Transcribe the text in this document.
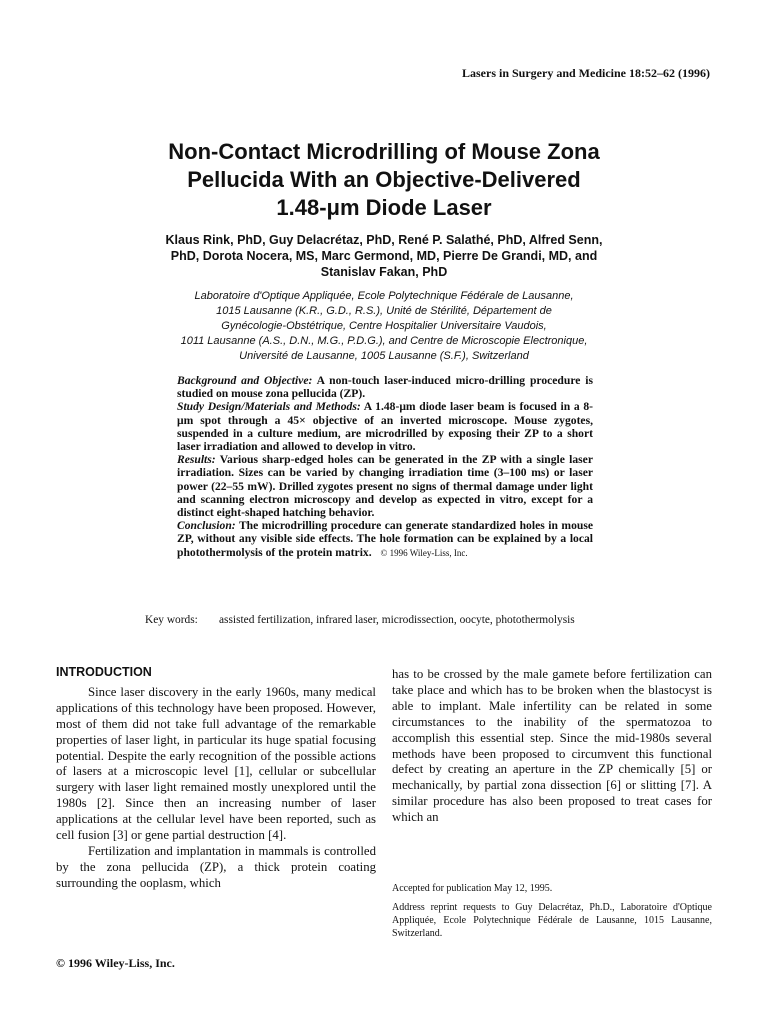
Lasers in Surgery and Medicine 18:52–62 (1996)
Non-Contact Microdrilling of Mouse Zona
Pellucida With an Objective-Delivered
1.48-μm Diode Laser
Klaus Rink, PhD, Guy Delacrétaz, PhD, René P. Salathé, PhD, Alfred Senn,
PhD, Dorota Nocera, MS, Marc Germond, MD, Pierre De Grandi, MD, and
Stanislav Fakan, PhD
Laboratoire d'Optique Appliquée, Ecole Polytechnique Fédérale de Lausanne,
1015 Lausanne (K.R., G.D., R.S.), Unité de Stérilité, Département de
Gynécologie-Obstétrique, Centre Hospitalier Universitaire Vaudois,
1011 Lausanne (A.S., D.N., M.G., P.D.G.), and Centre de Microscopie Electronique,
Université de Lausanne, 1005 Lausanne (S.F.), Switzerland

Background and Objective: A non-touch laser-induced micro-drilling procedure is studied on mouse zona pellucida (ZP).

Study Design/Materials and Methods: A 1.48-μm diode laser beam is focused in a 8-μm spot through a 45× objective of an inverted microscope. Mouse zygotes, suspended in a culture medium, are microdrilled by exposing their ZP to a short laser irradiation and allowed to develop in vitro.

Results: Various sharp-edged holes can be generated in the ZP with a single laser irradiation. Sizes can be varied by changing irradiation time (3–100 ms) or laser power (22–55 mW). Drilled zygotes present no signs of thermal damage under light and scanning electron microscopy and develop as expected in vitro, except for a distinct eight-shaped hatching behavior.

Conclusion: The microdrilling procedure can generate standardized holes in mouse ZP, without any visible side effects. The hole formation can be explained by a local photothermolysis of the protein matrix. © 1996 Wiley-Liss, Inc.

Key words:	assisted fertilization, infrared laser, microdissection, oocyte, photothermolysis
INTRODUCTION

Since laser discovery in the early 1960s, many medical applications of this technology have been proposed. However, most of them did not take full advantage of the remarkable properties of laser light, in particular its huge spatial focusing potential. Despite the early recognition of the possible actions of lasers at a microscopic level [1], cellular or subcellular surgery with laser light remained mostly unexplored until the 1980s [2]. Since then an increasing number of laser applications at the cellular level have been reported, such as cell fusion [3] or gene partial destruction [4].

Fertilization and implantation in mammals is controlled by the zona pellucida (ZP), a thick protein coating surrounding the ooplasm, which

has to be crossed by the male gamete before fertilization can take place and which has to be broken when the blastocyst is able to implant. Male infertility can be related in some circumstances to the inability of the spermatozoa to accomplish this essential step. Since the mid-1980s several methods have been proposed to circumvent this functional defect by creating an aperture in the ZP chemically [5] or mechanically, by partial zona dissection [6] or slitting [7]. A similar procedure has also been proposed to treat cases for which an

Accepted for publication May 12, 1995.

Address reprint requests to Guy Delacrétaz, Ph.D., Laboratoire d'Optique Appliquée, Ecole Polytechnique Fédérale de Lausanne, 1015 Lausanne, Switzerland.

© 1996 Wiley-Liss, Inc.
